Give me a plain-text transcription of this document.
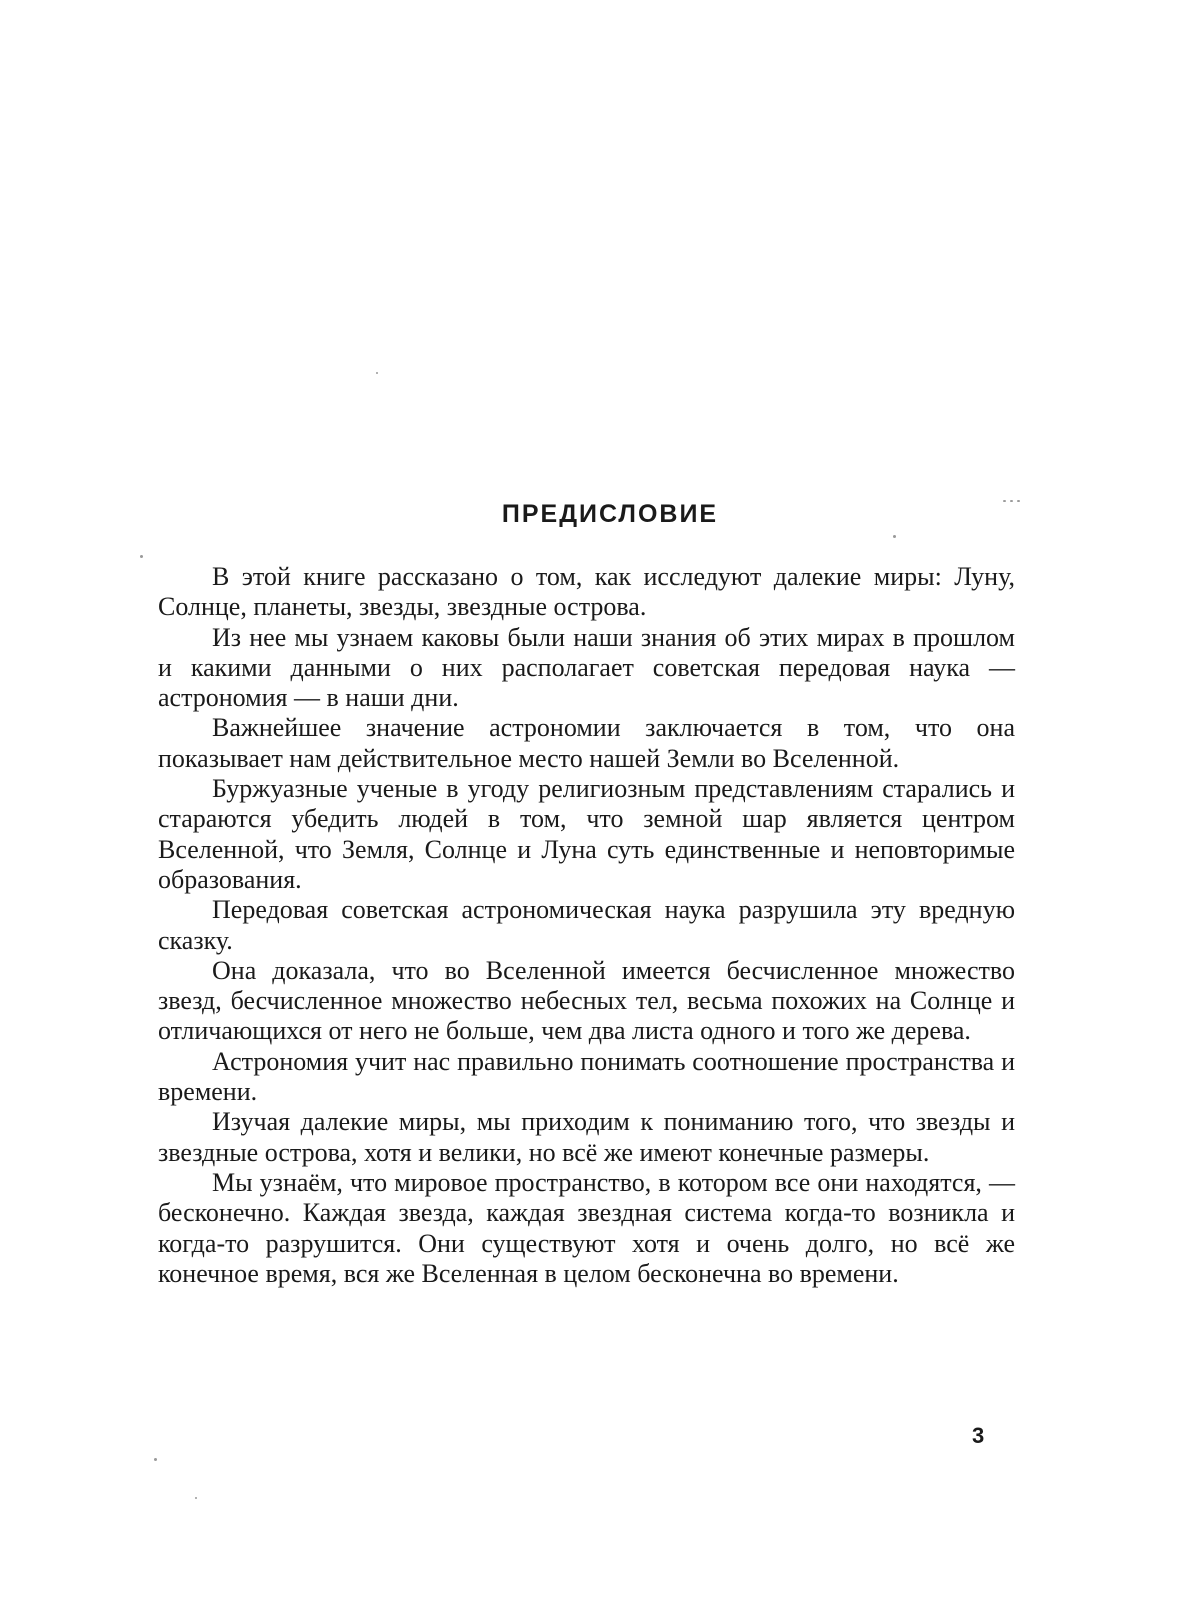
ПРЕДИСЛОВИЕ

В этой книге рассказано о том, как исследуют далекие миры: Луну, Солнце, планеты, звезды, звездные острова.

Из нее мы узнаем каковы были наши знания об этих мирах в прошлом и какими данными о них располагает советская передовая наука — астрономия — в наши дни.

Важнейшее значение астрономии заключается в том, что она показывает нам действительное место нашей Земли во Вселенной.

Буржуазные ученые в угоду религиозным представлениям старались и стараются убедить людей в том, что земной шар является центром Вселенной, что Земля, Солнце и Луна суть единственные и неповторимые образования.

Передовая советская астрономическая наука разрушила эту вредную сказку.

Она доказала, что во Вселенной имеется бесчисленное множество звезд, бесчисленное множество небесных тел, весьма похожих на Солнце и отличающихся от него не больше, чем два листа одного и того же дерева.

Астрономия учит нас правильно понимать соотношение пространства и времени.

Изучая далекие миры, мы приходим к пониманию того, что звезды и звездные острова, хотя и велики, но всё же имеют конечные размеры.

Мы узнаём, что мировое пространство, в котором все они находятся, — бесконечно. Каждая звезда, каждая звездная система когда-то возникла и когда-то разрушится. Они существуют хотя и очень долго, но всё же конечное время, вся же Вселенная в целом бесконечна во времени.

3
